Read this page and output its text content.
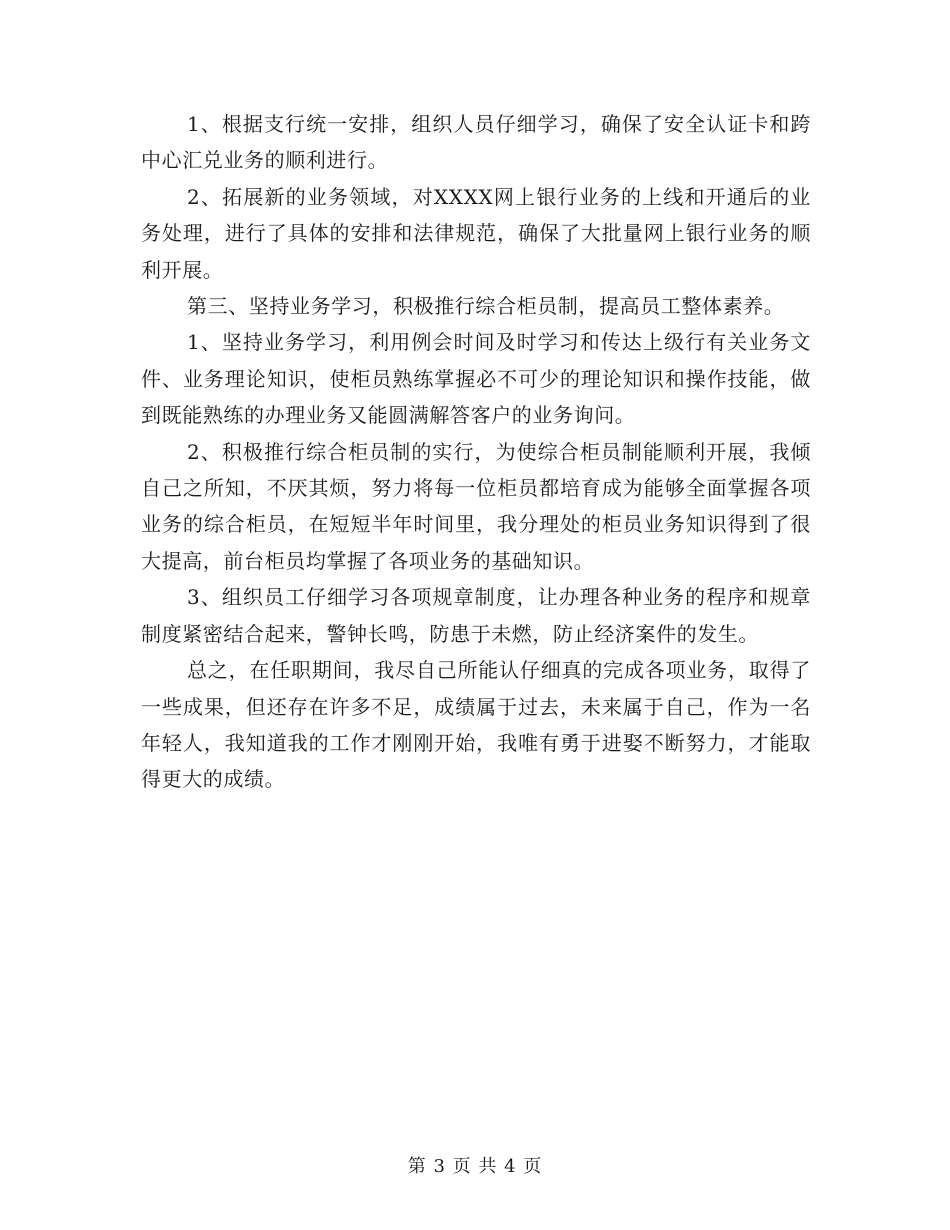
1、根据支行统一安排，组织人员仔细学习，确保了安全认证卡和跨中心汇兑业务的顺利进行。

2、拓展新的业务领域，对XXXX网上银行业务的上线和开通后的业务处理，进行了具体的安排和法律规范，确保了大批量网上银行业务的顺利开展。

第三、坚持业务学习，积极推行综合柜员制，提高员工整体素养。

1、坚持业务学习，利用例会时间及时学习和传达上级行有关业务文件、业务理论知识，使柜员熟练掌握必不可少的理论知识和操作技能，做到既能熟练的办理业务又能圆满解答客户的业务询问。

2、积极推行综合柜员制的实行，为使综合柜员制能顺利开展，我倾自己之所知，不厌其烦，努力将每一位柜员都培育成为能够全面掌握各项业务的综合柜员，在短短半年时间里，我分理处的柜员业务知识得到了很大提高，前台柜员均掌握了各项业务的基础知识。

3、组织员工仔细学习各项规章制度，让办理各种业务的程序和规章制度紧密结合起来，警钟长鸣，防患于未燃，防止经济案件的发生。

总之，在任职期间，我尽自己所能认仔细真的完成各项业务，取得了一些成果，但还存在许多不足，成绩属于过去，未来属于自己，作为一名年轻人，我知道我的工作才刚刚开始，我唯有勇于进娶不断努力，才能取得更大的成绩。

第 3 页 共 4 页
